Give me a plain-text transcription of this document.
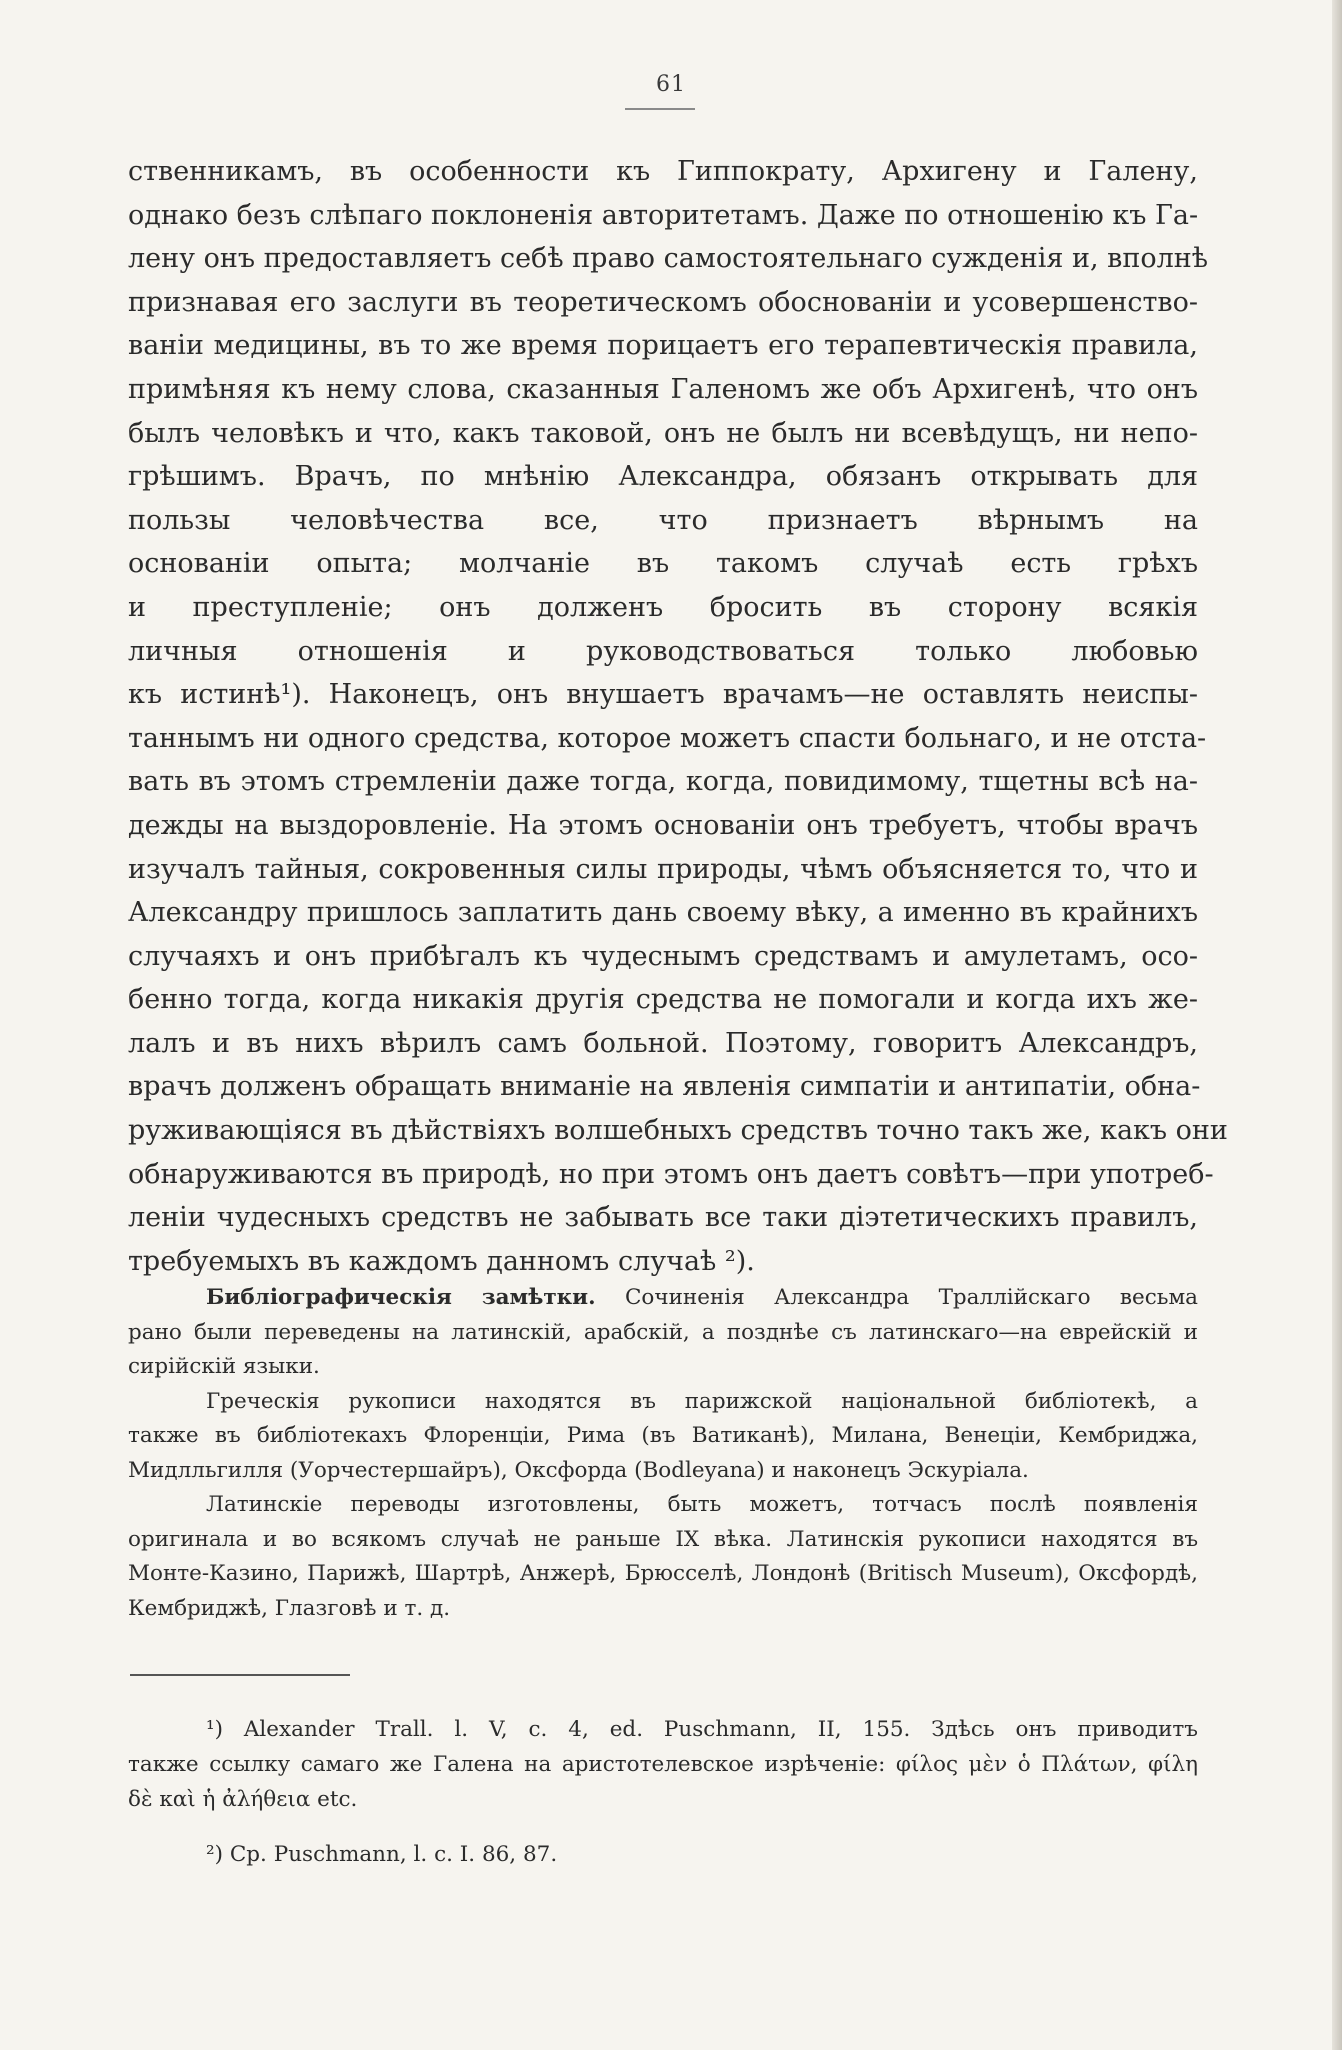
61
ственникамъ, въ особенности къ Гиппократу, Архигену и Галену,
однако безъ слѣпаго поклоненія авторитетамъ. Даже по отношенію къ Га-
лену онъ предоставляетъ себѣ право самостоятельнаго сужденія и, вполнѣ
признавая его заслуги въ теоретическомъ обоснованіи и усовершенство-
ваніи медицины, въ то же время порицаетъ его терапевтическія правила,
примѣняя къ нему слова, сказанныя Галеномъ же объ Архигенѣ, что онъ
былъ человѣкъ и что, какъ таковой, онъ не былъ ни всевѣдущъ, ни непо-
грѣшимъ. Врачъ, по мнѣнію Александра, обязанъ открывать для
пользы человѣчества все, что признаетъ вѣрнымъ на
основаніи опыта; молчаніе въ такомъ случаѣ есть грѣхъ
и преступленіе; онъ долженъ бросить въ сторону всякія
личныя отношенія и руководствоваться только любовью
къ истинѣ¹). Наконецъ, онъ внушаетъ врачамъ—не оставлять неиспы-
таннымъ ни одного средства, которое можетъ спасти больнаго, и не отста-
вать въ этомъ стремленіи даже тогда, когда, повидимому, тщетны всѣ на-
дежды на выздоровленіе. На этомъ основаніи онъ требуетъ, чтобы врачъ
изучалъ тайныя, сокровенныя силы природы, чѣмъ объясняется то, что и
Александру пришлось заплатить дань своему вѣку, а именно въ крайнихъ
случаяхъ и онъ прибѣгалъ къ чудеснымъ средствамъ и амулетамъ, осо-
бенно тогда, когда никакія другія средства не помогали и когда ихъ же-
лалъ и въ нихъ вѣрилъ самъ больной. Поэтому, говоритъ Александръ,
врачъ долженъ обращать вниманіе на явленія симпатіи и антипатіи, обна-
руживающіяся въ дѣйствіяхъ волшебныхъ средствъ точно такъ же, какъ они
обнаруживаются въ природѣ, но при этомъ онъ даетъ совѣтъ—при употреб-
леніи чудесныхъ средствъ не забывать все таки діэтетическихъ правилъ,
требуемыхъ въ каждомъ данномъ случаѣ ²).
Библіографическія замѣтки. Сочиненія Александра Траллійскаго весьма
рано были переведены на латинскій, арабскій, а позднѣе съ латинскаго—на еврейскій и
сирійскій языки.
Греческія рукописи находятся въ парижской національной библіотекѣ, а
также въ библіотекахъ Флоренціи, Рима (въ Ватиканѣ), Милана, Венеціи, Кембриджа,
Мидлльгилля (Уорчестершайръ), Оксфорда (Bodleyana) и наконецъ Эскуріала.
Латинскіе переводы изготовлены, быть можетъ, тотчасъ послѣ появленія
оригинала и во всякомъ случаѣ не раньше IX вѣка. Латинскія рукописи находятся въ
Монте-Казино, Парижѣ, Шартрѣ, Анжерѣ, Брюсселѣ, Лондонѣ (Britisch Museum), Оксфордѣ,
Кембриджѣ, Глазговѣ и т. д.
¹) Alexander Trall. l. V, c. 4, ed. Puschmann, II, 155. Здѣсь онъ приводитъ
также ссылку самаго же Галена на аристотелевское изрѣченіе: φίλος μὲν ὁ Πλάτων, φίλη
δὲ καὶ ἡ ἀλήθεια etc.
²) Ср. Puschmann, l. c. I. 86, 87.
